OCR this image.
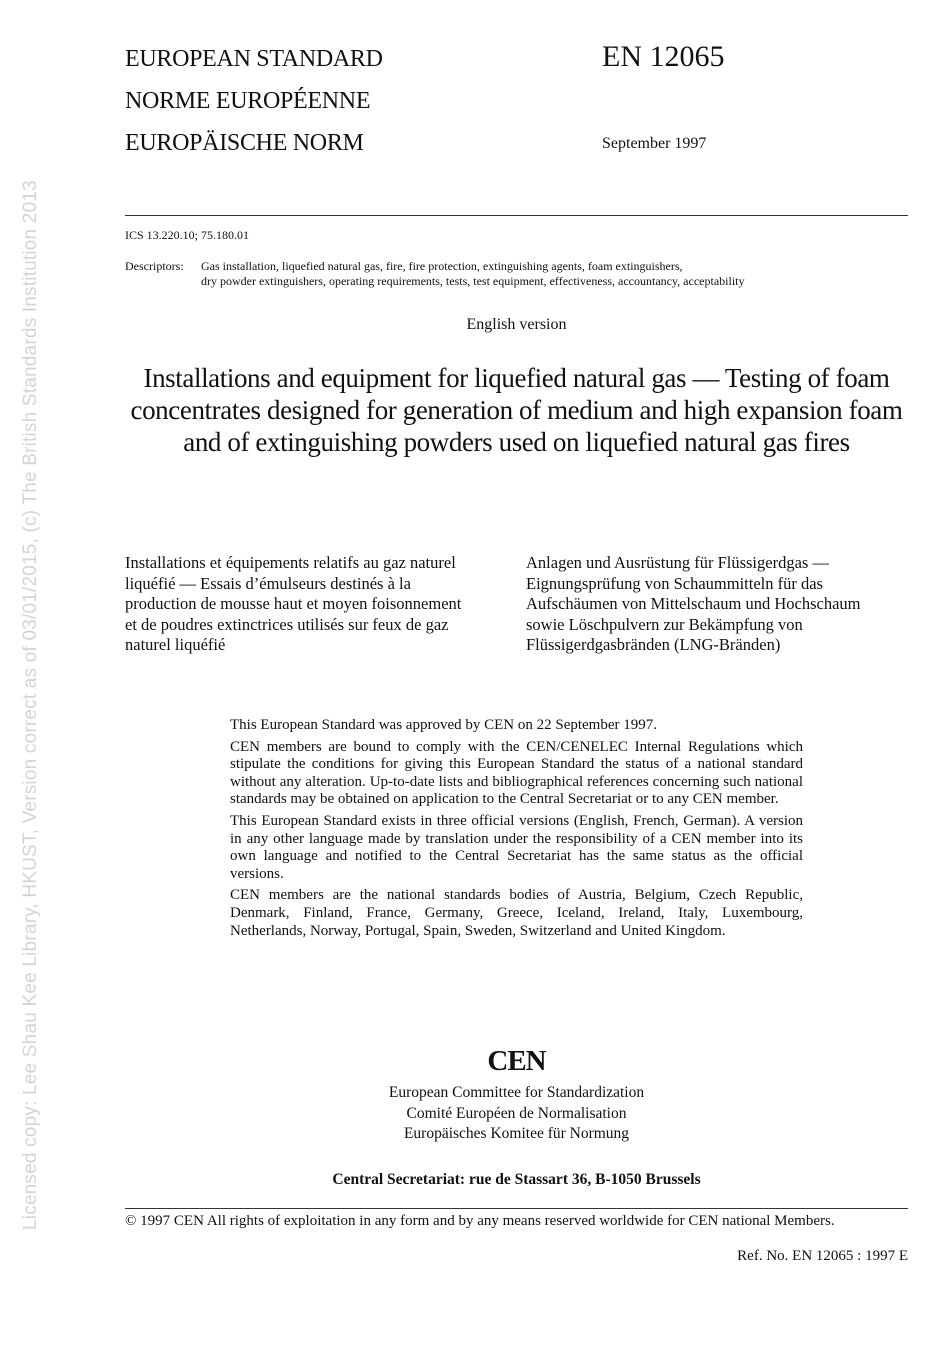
Licensed copy: Lee Shau Kee Library, HKUST, Version correct as of 03/01/2015, (c) The British Standards Institution 2013
EUROPEAN STANDARD
NORME EUROPÉENNE
EUROPÄISCHE NORM
EN 12065
September 1997
ICS 13.220.10; 75.180.01
Descriptors: Gas installation, liquefied natural gas, fire, fire protection, extinguishing agents, foam extinguishers,
dry powder extinguishers, operating requirements, tests, test equipment, effectiveness, accountancy, acceptability
English version
Installations and equipment for liquefied natural gas — Testing of foam concentrates designed for generation of medium and high expansion foam and of extinguishing powders used on liquefied natural gas fires
Installations et équipements relatifs au gaz naturel
liquéfié — Essais d’émulseurs destinés à la
production de mousse haut et moyen foisonnement
et de poudres extinctrices utilisés sur feux de gaz
naturel liquéfié
Anlagen und Ausrüstung für Flüssigerdgas —
Eignungsprüfung von Schaummitteln für das
Aufschäumen von Mittelschaum und Hochschaum
sowie Löschpulvern zur Bekämpfung von
Flüssigerdgasbränden (LNG-Bränden)

This European Standard was approved by CEN on 22 September 1997.

CEN members are bound to comply with the CEN/CENELEC Internal Regulations which stipulate the conditions for giving this European Standard the status of a national standard without any alteration. Up-to-date lists and bibliographical references concerning such national standards may be obtained on application to the Central Secretariat or to any CEN member.

This European Standard exists in three official versions (English, French, German). A version in any other language made by translation under the responsibility of a CEN member into its own language and notified to the Central Secretariat has the same status as the official versions.

CEN members are the national standards bodies of Austria, Belgium, Czech Republic, Denmark, Finland, France, Germany, Greece, Iceland, Ireland, Italy, Luxembourg, Netherlands, Norway, Portugal, Spain, Sweden, Switzerland and United Kingdom.

CEN
European Committee for Standardization
Comité Européen de Normalisation
Europäisches Komitee für Normung
Central Secretariat: rue de Stassart 36, B-1050 Brussels
© 1997 CEN All rights of exploitation in any form and by any means reserved worldwide for CEN national Members.
Ref. No. EN 12065 : 1997 E
